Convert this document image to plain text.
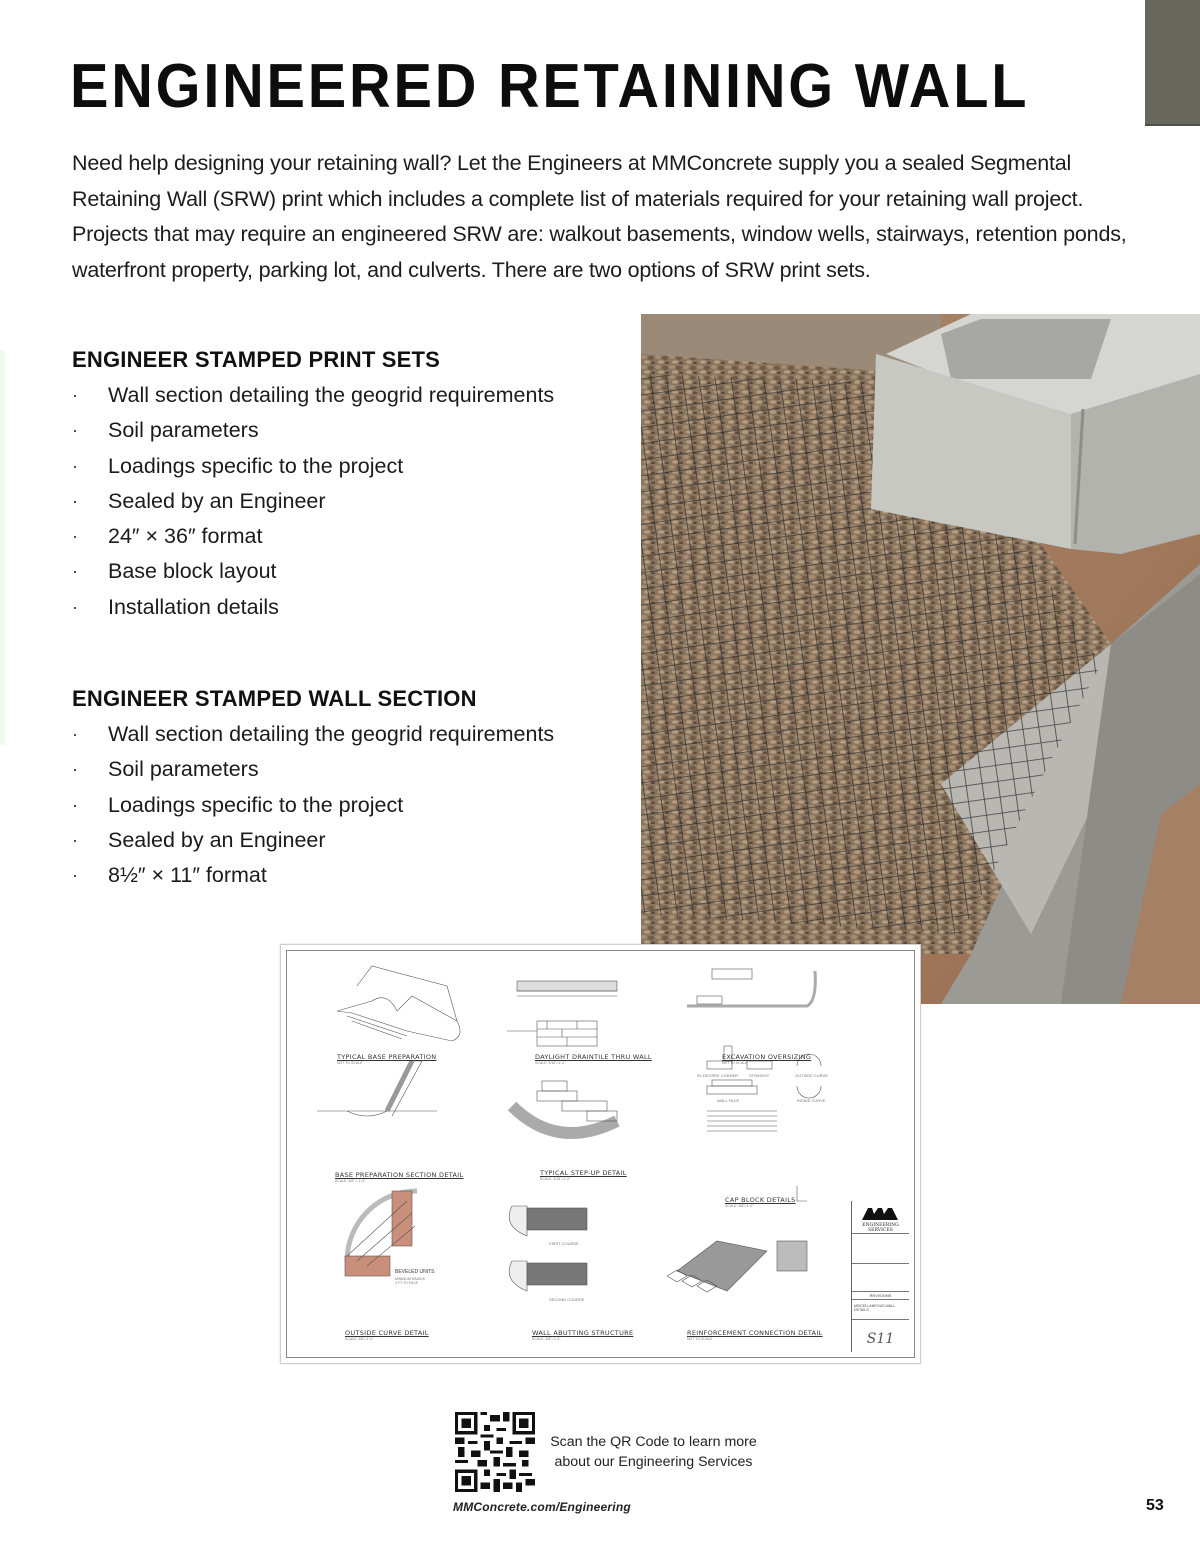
ENGINEERED RETAINING WALL

Need help designing your retaining wall? Let the Engineers at MMConcrete supply you a sealed Segmental Retaining Wall (SRW) print which includes a complete list of materials required for your retaining wall project. Projects that may require an engineered SRW are: walkout basements, window wells, stairways, retention ponds, waterfront property, parking lot, and culverts. There are two options of SRW print sets.

ENGINEER STAMPED PRINT SETS
· Wall section detailing the geogrid requirements
· Soil parameters
· Loadings specific to the project
· Sealed by an Engineer
· 24″ × 36″ format
· Base block layout
· Installation details
ENGINEER STAMPED WALL SECTION
· Wall section detailing the geogrid requirements
· Soil parameters
· Loadings specific to the project
· Sealed by an Engineer
· 8½″ × 11″ format
TYPICAL BASE PREPARATION
NOT TO SCALE
DAYLIGHT DRAINTILE THRU WALL
SCALE: 3/16"=1'-0"
EXCAVATION OVERSIZING
NOT TO SCALE
BASE PREPARATION SECTION DETAIL
SCALE: 3/8" = 1'-0"
TYPICAL STEP-UP DETAIL
SCALE: 3/16"=1'-0"
CAP BLOCK DETAILS
SCALE: 3/8"=1'-0"
OUTSIDE CURVE DETAIL
SCALE: 3/8"=1'-0"
WALL ABUTTING STRUCTURE
SCALE: 3/8"=1'-0"
REINFORCEMENT CONNECTION DETAIL
NOT TO SCALE
90-DEGREE CORNER	STRAIGHT	OUTSIDE CURVE
WALL FACE	INSIDE CURVE
FIRST COURSE
SECOND COURSE
BEVELED UNITS
MINIMUM RADIUS 4 FT TO FACE
ENGINEERING SERVICES
REVISIONS
MISCELLANEOUS WALL DETAILS
S11
Scan the QR Code to learn more about our Engineering Services
MMConcrete.com/Engineering	53
